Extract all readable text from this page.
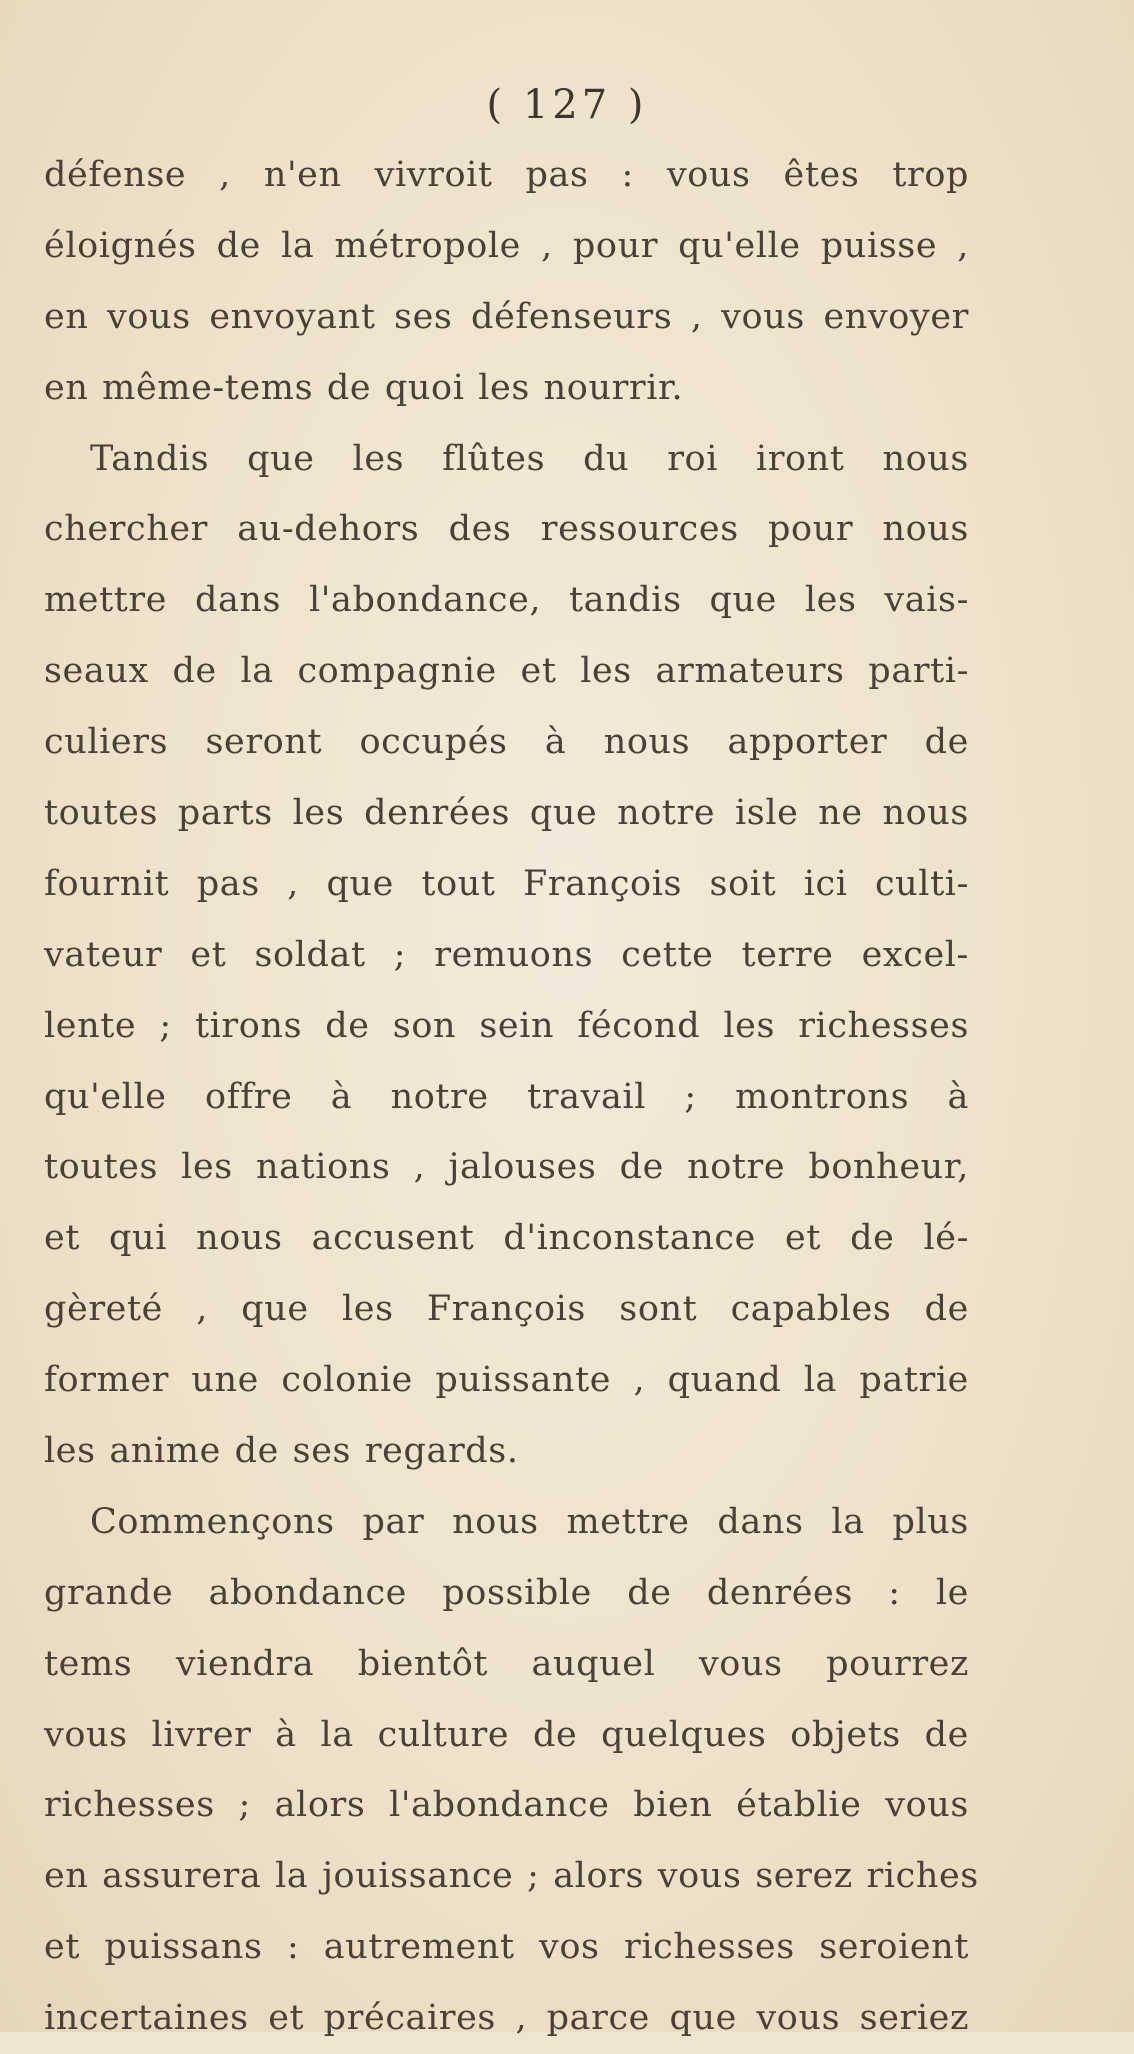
( 127 )
défense , n'en vivroit pas : vous êtes trop
éloignés de la métropole , pour qu'elle puisse ,
en vous envoyant ses défenseurs , vous envoyer
en même-tems de quoi les nourrir.
Tandis que les flûtes du roi iront nous
chercher au-dehors des ressources pour nous
mettre dans l'abondance, tandis que les vais-
seaux de la compagnie et les armateurs parti-
culiers seront occupés à nous apporter de
toutes parts les denrées que notre isle ne nous
fournit pas , que tout François soit ici culti-
vateur et soldat ; remuons cette terre excel-
lente ; tirons de son sein fécond les richesses
qu'elle offre à notre travail ; montrons à
toutes les nations , jalouses de notre bonheur,
et qui nous accusent d'inconstance et de lé-
gèreté , que les François sont capables de
former une colonie puissante , quand la patrie
les anime de ses regards.
Commençons par nous mettre dans la plus
grande abondance possible de denrées : le
tems viendra bientôt auquel vous pourrez
vous livrer à la culture de quelques objets de
richesses ; alors l'abondance bien établie vous
en assurera la jouissance ; alors vous serez riches
et puissans : autrement vos richesses seroient
incertaines et précaires , parce que vous seriez
